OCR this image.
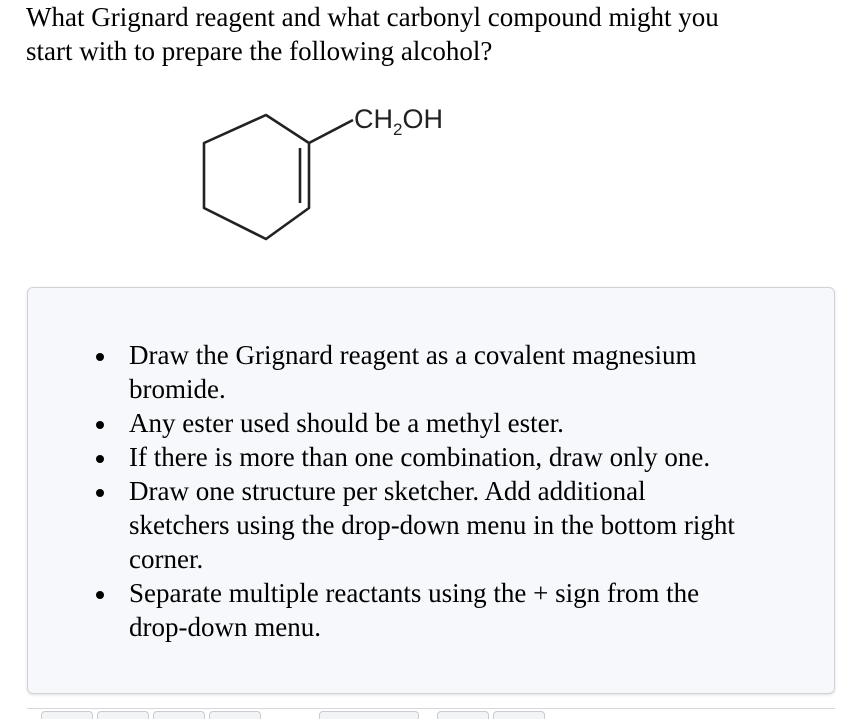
What Grignard reagent and what carbonyl compound might you
start with to prepare the following alcohol?
$CH_2OH$
Draw the Grignard reagent as a covalent magnesium
bromide.
Any ester used should be a methyl ester.
If there is more than one combination, draw only one.
Draw one structure per sketcher. Add additional
sketchers using the drop-down menu in the bottom right
corner.
Separate multiple reactants using the + sign from the
drop-down menu.
